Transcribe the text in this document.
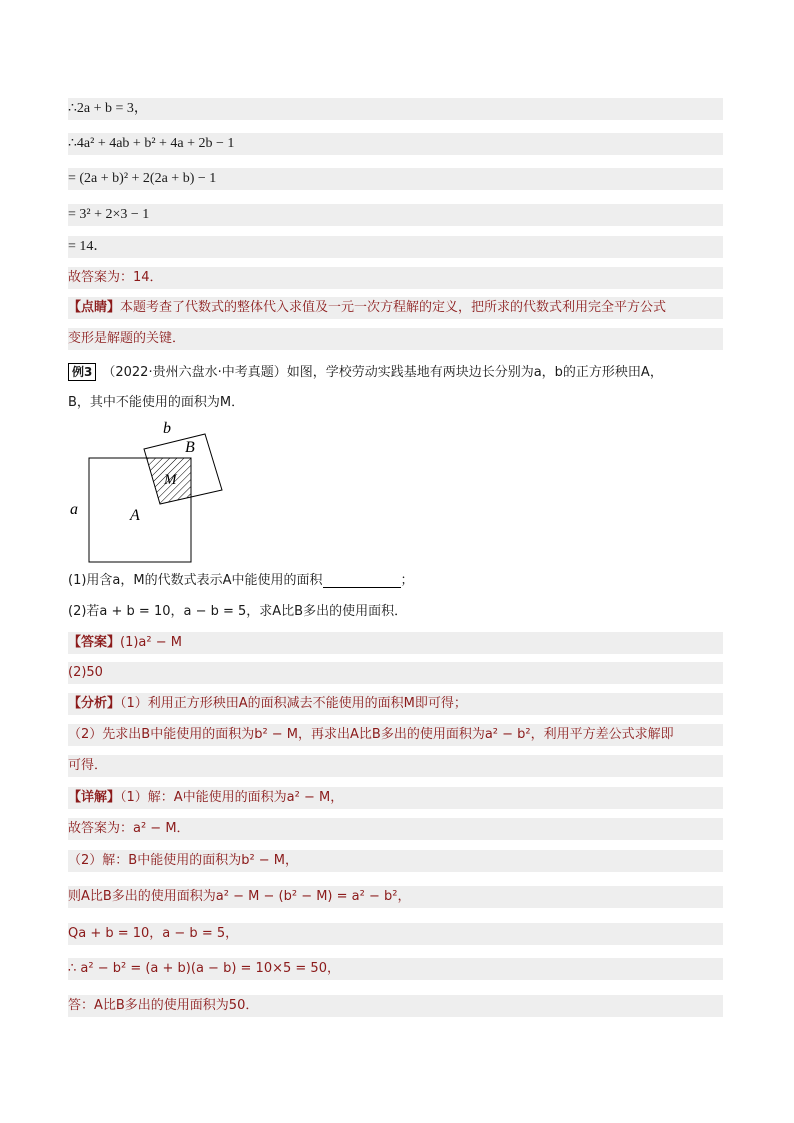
∴2a + b = 3，
∴4a² + 4ab + b² + 4a + 2b − 1
= (2a + b)² + 2(2a + b) − 1
= 3² + 2×3 − 1
= 14．
故答案为：14．
【点睛】本题考查了代数式的整体代入求值及一元一次方程解的定义，把所求的代数式利用完全平方公式
变形是解题的关键．
例3 （2022·贵州六盘水·中考真题）如图，学校劳动实践基地有两块边长分别为a，b的正方形秧田A，
B，其中不能使用的面积为M．
a	A
b
B
M
(1)用含a，M的代数式表示A中能使用的面积	；
(2)若a + b = 10，a − b = 5，求A比B多出的使用面积．
【答案】(1)a² − M
(2)50
【分析】（1）利用正方形秧田A的面积减去不能使用的面积M即可得；
（2）先求出B中能使用的面积为b² − M，再求出A比B多出的使用面积为a² − b²，利用平方差公式求解即
可得．
【详解】（1）解：A中能使用的面积为a² − M，
故答案为：a² − M．
（2）解：B中能使用的面积为b² − M，
则A比B多出的使用面积为a² − M − (b² − M) = a² − b²，
Qa + b = 10，a − b = 5，
∴ a² − b² = (a + b)(a − b) = 10×5 = 50，
答：A比B多出的使用面积为50．
